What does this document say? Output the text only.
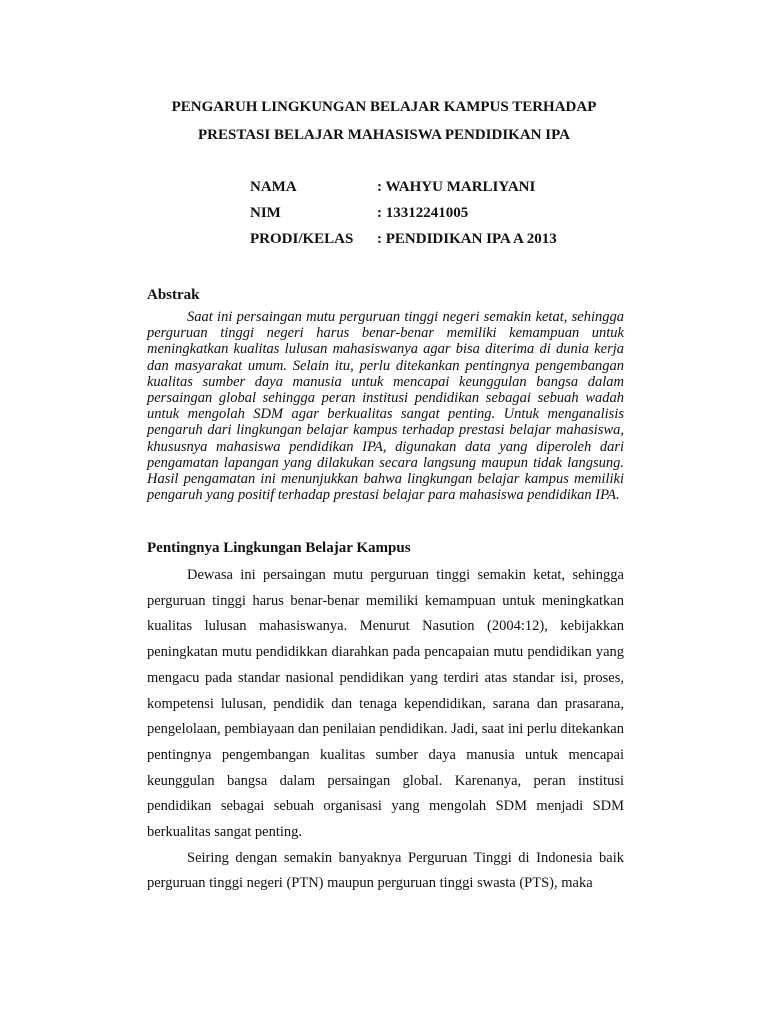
PENGARUH LINGKUNGAN BELAJAR KAMPUS TERHADAP
PRESTASI BELAJAR MAHASISWA PENDIDIKAN IPA
NAMA	: WAHYU MARLIYANI
NIM	: 13312241005
PRODI/KELAS : PENDIDIKAN IPA A 2013
Abstrak

Saat ini persaingan mutu perguruan tinggi negeri semakin ketat, sehingga perguruan tinggi negeri harus benar-benar memiliki kemampuan untuk meningkatkan kualitas lulusan mahasiswanya agar bisa diterima di dunia kerja dan masyarakat umum. Selain itu, perlu ditekankan pentingnya pengembangan kualitas sumber daya manusia untuk mencapai keunggulan bangsa dalam persaingan global sehingga peran institusi pendidikan sebagai sebuah wadah untuk mengolah SDM agar berkualitas sangat penting. Untuk menganalisis pengaruh dari lingkungan belajar kampus terhadap prestasi belajar mahasiswa, khususnya mahasiswa pendidikan IPA, digunakan data yang diperoleh dari pengamatan lapangan yang dilakukan secara langsung maupun tidak langsung. Hasil pengamatan ini menunjukkan bahwa lingkungan belajar kampus memiliki pengaruh yang positif terhadap prestasi belajar para mahasiswa pendidikan IPA.

Pentingnya Lingkungan Belajar Kampus

Dewasa ini persaingan mutu perguruan tinggi semakin ketat, sehingga perguruan tinggi harus benar-benar memiliki kemampuan untuk meningkatkan kualitas lulusan mahasiswanya. Menurut Nasution (2004:12), kebijakkan peningkatan mutu pendidikkan diarahkan pada pencapaian mutu pendidikan yang mengacu pada standar nasional pendidikan yang terdiri atas standar isi, proses, kompetensi lulusan, pendidik dan tenaga kependidikan, sarana dan prasarana, pengelolaan, pembiayaan dan penilaian pendidikan. Jadi, saat ini perlu ditekankan pentingnya pengembangan kualitas sumber daya manusia untuk mencapai keunggulan bangsa dalam persaingan global. Karenanya, peran institusi pendidikan sebagai sebuah organisasi yang mengolah SDM menjadi SDM berkualitas sangat penting.

Seiring dengan semakin banyaknya Perguruan Tinggi di Indonesia baik perguruan tinggi negeri (PTN) maupun perguruan tinggi swasta (PTS), maka
